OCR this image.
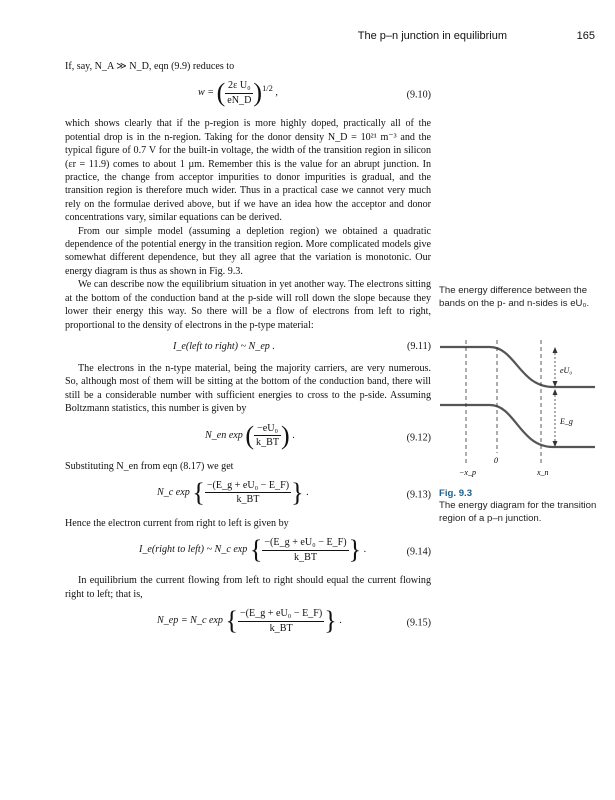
The p–n junction in equilibrium	165

If, say, N_A ≫ N_D, eqn (9.9) reduces to

w = ( $\frac{\text{2ε U₀}}{eN\_D} )^{1/2}$ ,	(9.10)

which shows clearly that if the p-region is more highly doped, practically all of the potential drop is in the n-region. Taking for the donor density N_D = 10²¹ m⁻³ and the typical figure of 0.7 V for the built-in voltage, the width of the transition region in silicon (εr = 11.9) comes to about 1 µm. Remember this is the value for an abrupt junction. In practice, the change from acceptor impurities to donor impurities is gradual, and the transition region is therefore much wider. Thus in a practical case we cannot very much rely on the formulae derived above, but if we have an idea how the acceptor and donor concentrations vary, similar equations can be derived.

From our simple model (assuming a depletion region) we obtained a quadratic dependence of the potential energy in the transition region. More complicated models give somewhat different dependence, but they all agree that the variation is monotonic. Our energy diagram is thus as shown in Fig. 9.3.

We can describe now the equilibrium situation in yet another way. The electrons sitting at the bottom of the conduction band at the p-side will roll down the slope because they lower their energy this way. So there will be a flow of electrons from left to right, proportional to the density of electrons in the p-type material:

I_e(left to right) ~ N_ep .	(9.11)

The electrons in the n-type material, being the majority carriers, are very numerous. So, although most of them will be sitting at the bottom of the conduction band, there will still be a considerable number with sufficient energies to cross to the p-side. Assuming Boltzmann statistics, this number is given by

N_en exp ( $\frac{\text{−eU₀}}{k\_BT}$ ) .	(9.12)

Substituting N_en from eqn (8.17) we get

N_c exp { $\frac{\text{−(E\_g + eU₀ − E\_F)}}{k\_BT}$ } .	(9.13)

Hence the electron current from right to left is given by

I_e(right to left) ~ N_c exp { $\frac{\text{−(E\_g + eU₀ − E\_F)}}{k\_BT}$ } .	(9.14)

In equilibrium the current flowing from left to right should equal the current flowing right to left; that is,

N_ep = N_c exp { $\frac{\text{−(E\_g + eU₀ − E\_F)}}{k\_BT}$ } .	(9.15)
The energy difference between the bands on the p- and n-sides is eU₀.
eU₀
E_g
−x_p
0
x_n
Fig. 9.3
The energy diagram for the transition region of a p–n junction.
